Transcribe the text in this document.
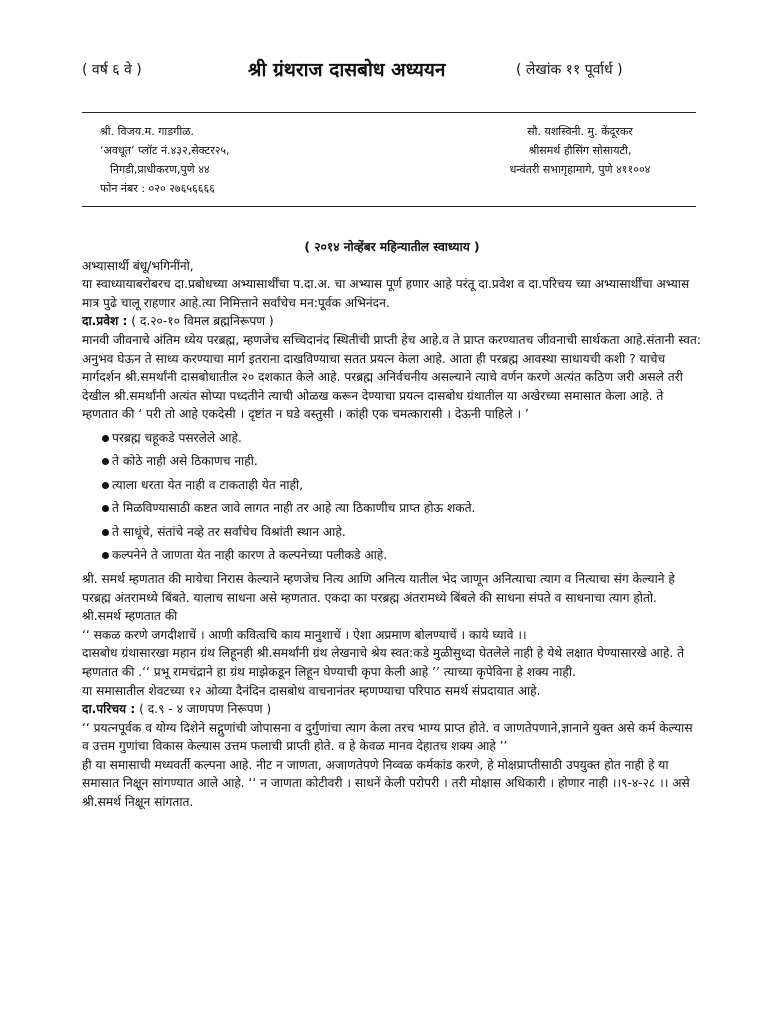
( वर्ष ६ वे )	श्री ग्रंथराज दासबोध अध्ययन	( लेखांक ११ पूर्वार्ध )
श्री. विजय.म. गाडगीळ.
‘अवधूत’ प्लॉट नं.४३२,सेक्टर२५,
निगडी,प्राधीकरण,पुणे ४४
फोन नंबर : ०२० २७६५६६६६
सौ. यशस्विनी. मु. केंदूरकर
श्रीसमर्थ हौसिंग सोसायटी,
धन्वंतरी सभागृहामागे, पुणे ४११००४

( २०१४ नोव्हेंबर महिन्यातील स्वाध्याय )

अभ्यासार्थी बंधू/भगिनींनो,

या स्वाध्यायाबरोबरच दा.प्रबोधच्या अभ्यासार्थींचा प.दा.अ. चा अभ्यास पूर्ण हणार आहे परंतू दा.प्रवेश व दा.परिचय च्या अभ्यासार्थींचा अभ्यास मात्र पुढे चालू राहणार आहे.त्या निमित्ताने सर्वांचेच मन:पूर्वक अभिनंदन.

दा.प्रवेश : ( द.२०-१० विमल ब्रह्मनिरूपण )

मानवी जीवनाचे अंतिम ध्येय परब्रह्म, म्हणजेच सच्चिदानंद स्थितीची प्राप्ती हेच आहे.व ते प्राप्त करण्यातच जीवनाची सार्थकता आहे.संतानी स्वत: अनुभव घेऊन ते साध्य करण्याचा मार्ग इतराना दाखविण्याचा सतत प्रयत्न केला आहे. आता ही परब्रह्म आवस्था साधायची कशी ? याचेच मार्गदर्शन श्री.समर्थांनी दासबोधातील २० दशकात केले आहे. परब्रह्म अनिर्वचनीय असल्याने त्याचे वर्णन करणे अत्यंत कठिण जरी असले तरी देखील श्री.समर्थांनी अत्यंत सोप्या पध्दतीने त्याची ओळख करून देण्याचा प्रयत्न दासबोध ग्रंथातील या अखेरच्या समासात केला आहे. ते म्हणतात की ‘ परी तो आहे एकदेसी । दृष्टांत न घडे वस्तुसी । कांही एक चमत्कारासी । देऊनी पाहिले । ’

परब्रह्म चहूकडे पसरलेले आहे.
ते कोठे नाही असे ठिकाणच नाही.
त्याला धरता येत नाही व टाकताही येत नाही,
ते मिळविण्यासाठी कष्टत जावे लागत नाही तर आहे त्या ठिकाणीच प्राप्त होऊ शकते.
ते साधूंचे, संतांचे नव्हे तर सर्वांचेच विश्रांती स्थान आहे.
कल्पनेने ते जाणता येत नाही कारण ते कल्पनेच्या पलीकडे आहे.

श्री. समर्थ म्हणतात की मायेचा निरास केल्याने म्हणजेच नित्य आणि अनित्य यातील भेद जाणून अनित्याचा त्याग व नित्याचा संग केल्याने हे परब्रह्म अंतरामध्ये बिंबते. यालाच साधना असे म्हणतात. एकदा का परब्रह्म अंतरामध्ये बिंबले की साधना संपते व साधनाचा त्याग होतो.

श्री.समर्थ म्हणतात की

‘‘ सकळ करणे जगदीशाचें । आणी कवित्वचि काय मानुशाचें । ऐशा अप्रमाण बोलण्याचें । काये घ्यावे ।।

दासबोध ग्रंथासारखा महान ग्रंथ लिहूनही श्री.समर्थांनी ग्रंथ लेखनाचे श्रेय स्वत:कडे मुळीसुध्दा घेतलेले नाही हे येथे लक्षात घेण्यासारखे आहे. ते म्हणतात की .‘‘ प्रभू रामचंद्राने हा ग्रंथ माझेकडून लिहून घेण्याची कृपा केली आहे ’’ त्याच्या कृपेविना हे शक्य नाही.

या समासातील शेवटच्या १२ ओव्या दैनंदिन दासबोध वाचनानंतर म्हणण्याचा परिपाठ समर्थ संप्रदायात आहे.

दा.परिचय : ( द.९ - ४ जाणपण निरूपण )

‘‘ प्रयत्नपूर्वक व योग्य दिशेने सद्गुणांची जोपासना व दुर्गुणांचा त्याग केला तरच भाग्य प्राप्त होते. व जाणतेपणाने,ज्ञानाने युक्त असे कर्म केल्यास व उत्तम गुणांचा विकास केल्यास उत्तम फलाची प्राप्ती होते. व हे केवळ मानव देहातच शक्य आहे ’’

ही या समासाची मध्यवर्ती कल्पना आहे. नीट न जाणता, अजाणतेपणे निव्वळ कर्मकांड करणे, हे मोक्षप्राप्तीसाठी उपयुक्त होत नाही हे या समासात निक्षून सांगण्यात आले आहे. ‘‘ न जाणता कोटीवरी । साधनें केली परोपरी । तरी मोक्षास अधिकारी । होणार नाही ।।९-४-२८ ।। असे श्री.समर्थ निक्षून सांगतात.
